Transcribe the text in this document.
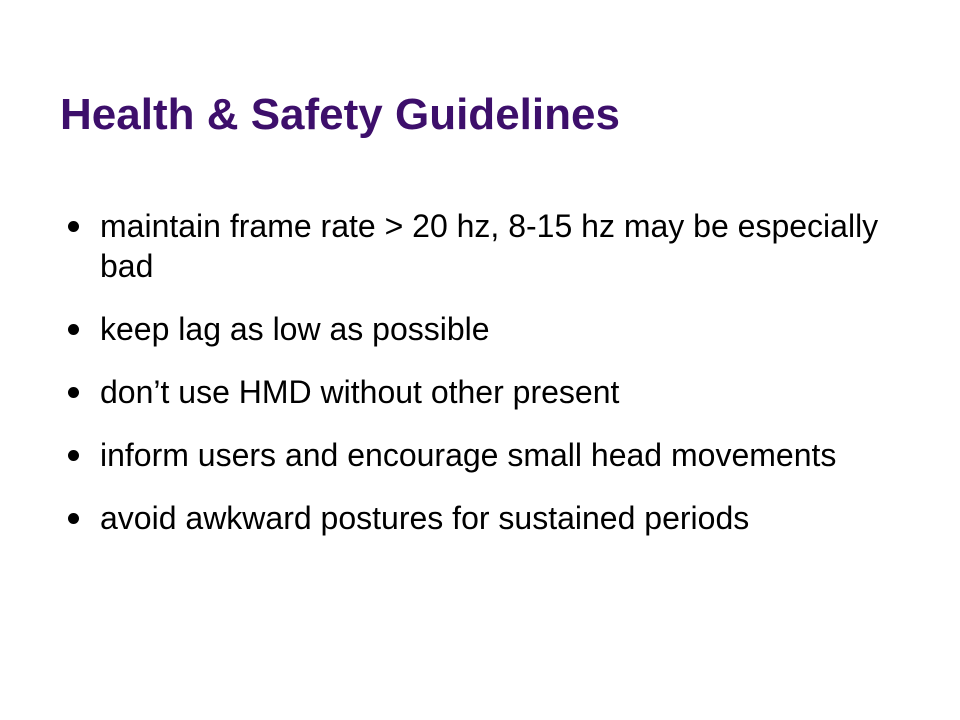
Health & Safety Guidelines
maintain frame rate > 20 hz, 8-15 hz may be especially bad
keep lag as low as possible
don’t use HMD without other present
inform users and encourage small head movements
avoid awkward postures for sustained periods
